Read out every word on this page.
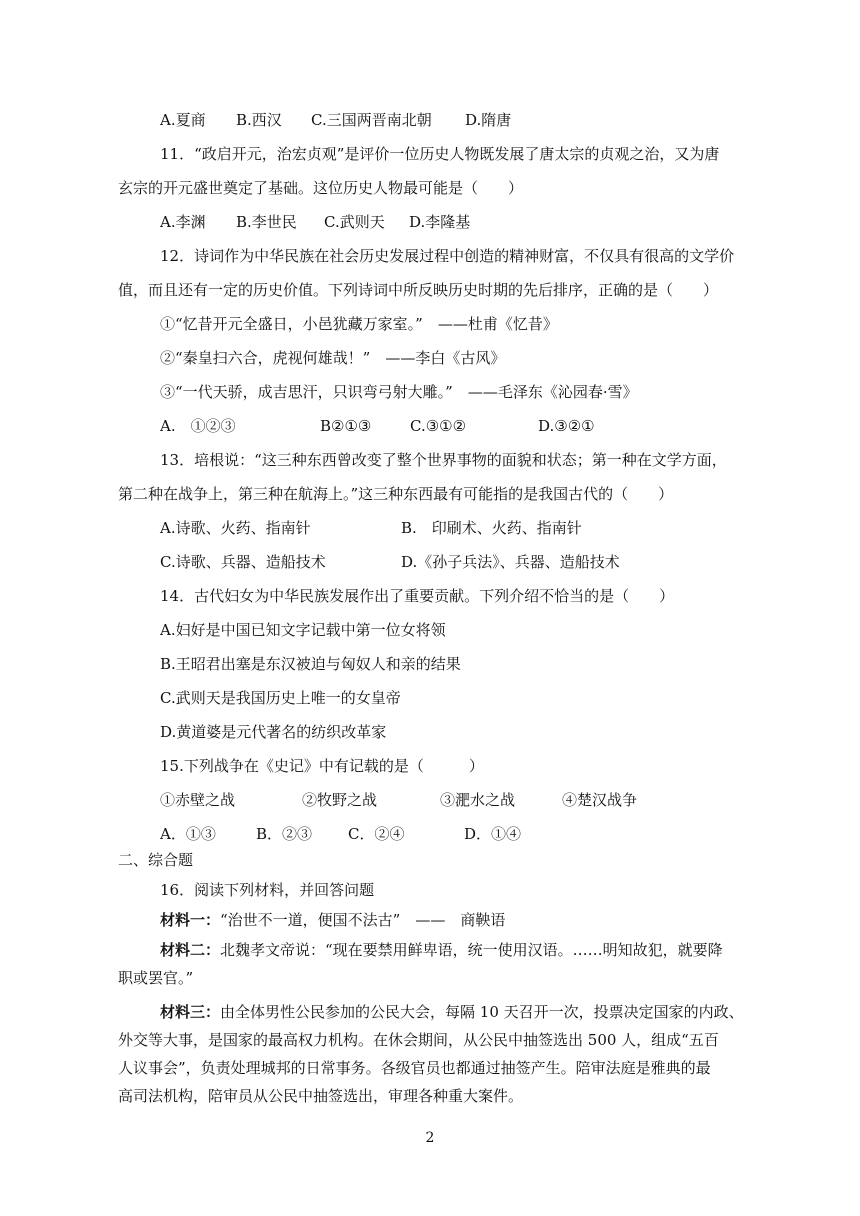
A.夏商 B.西汉 C.三国两晋南北朝 D.隋唐
11．“政启开元，治宏贞观”是评价一位历史人物既发展了唐太宗的贞观之治，又为唐
玄宗的开元盛世奠定了基础。这位历史人物最可能是（　　）
A.李渊 B.李世民 C.武则天 D.李隆基
12．诗词作为中华民族在社会历史发展过程中创造的精神财富，不仅具有很高的文学价
值，而且还有一定的历史价值。下列诗词中所反映历史时期的先后排序，正确的是（　　）
①“忆昔开元全盛日，小邑犹藏万家室。”　——杜甫《忆昔》
②“秦皇扫六合，虎视何雄哉！”　——李白《古风》
③“一代天骄，成吉思汗，只识弯弓射大雕。”　——毛泽东《沁园春·雪》
A.　①②③	B②①③	C.③①②	D.③②①
13．培根说：“这三种东西曾改变了整个世界事物的面貌和状态；第一种在文学方面，
第二种在战争上，第三种在航海上。”这三种东西最有可能指的是我国古代的（　　）
A.诗歌、火药、指南针	B.　印刷术、火药、指南针
C.诗歌、兵器、造船技术	D.《孙子兵法》、兵器、造船技术
14．古代妇女为中华民族发展作出了重要贡献。下列介绍不恰当的是（　　）
A.妇好是中国已知文字记载中第一位女将领
B.王昭君出塞是东汉被迫与匈奴人和亲的结果
C.武则天是我国历史上唯一的女皇帝
D.黄道婆是元代著名的纺织改革家
15.下列战争在《史记》中有记载的是（　　　）
①赤壁之战	②牧野之战	③淝水之战	④楚汉战争
A．①③	B．②③ C．②④	D．①④
二、综合题
16．阅读下列材料，并回答问题
材料一：“治世不一道，便国不法古”　——　商鞅语
材料二：北魏孝文帝说：“现在要禁用鲜卑语，统一使用汉语。……明知故犯，就要降
职或罢官。”
材料三：由全体男性公民参加的公民大会，每隔 10 天召开一次，投票决定国家的内政、
外交等大事，是国家的最高权力机构。在休会期间，从公民中抽签选出 500 人，组成“五百
人议事会”，负责处理城邦的日常事务。各级官员也都通过抽签产生。陪审法庭是雅典的最
高司法机构，陪审员从公民中抽签选出，审理各种重大案件。
2
